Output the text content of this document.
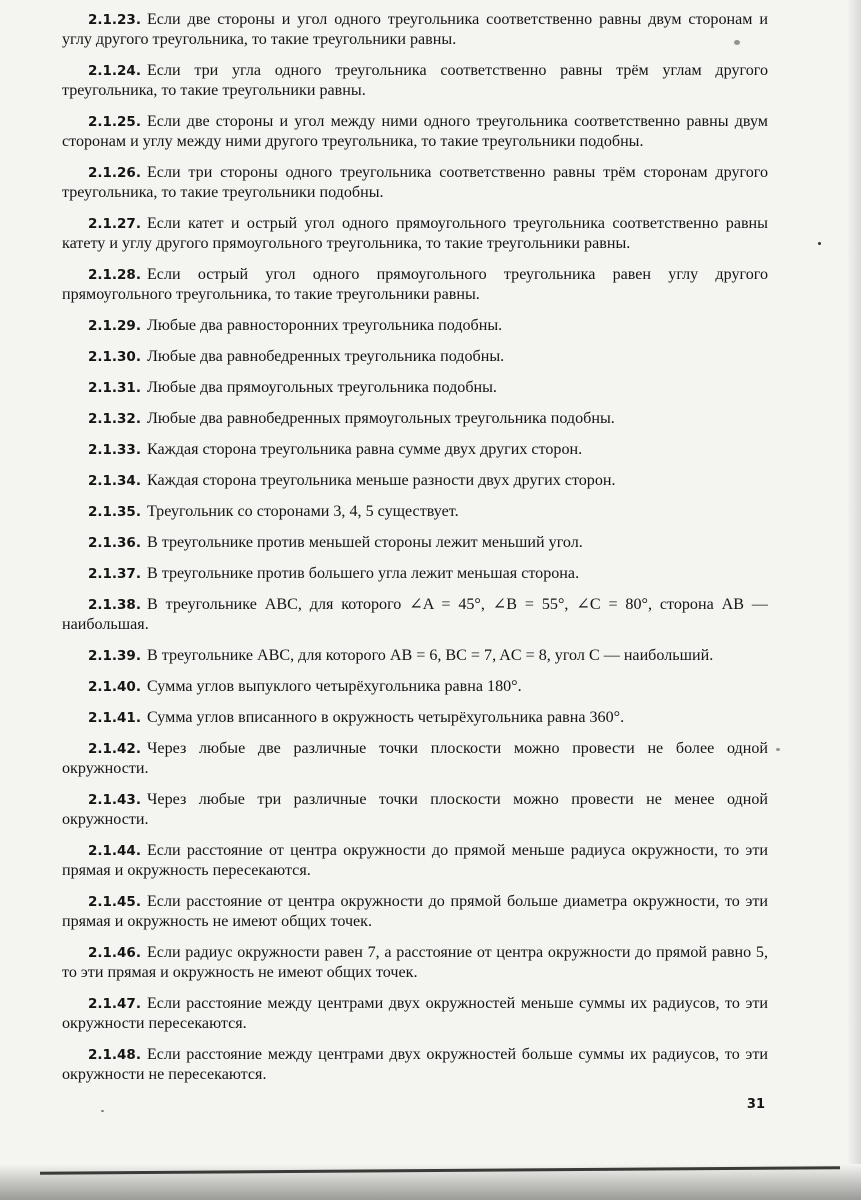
2.1.23. Если две стороны и угол одного треугольника соответственно равны двум сторонам и углу другого треугольника, то такие треугольники равны.

2.1.24. Если три угла одного треугольника соответственно равны трём углам другого треугольника, то такие треугольники равны.

2.1.25. Если две стороны и угол между ними одного треугольника соответственно равны двум сторонам и углу между ними другого треугольника, то такие треугольники подобны.

2.1.26. Если три стороны одного треугольника соответственно равны трём сторонам другого треугольника, то такие треугольники подобны.

2.1.27. Если катет и острый угол одного прямоугольного треугольника соответственно равны катету и углу другого прямоугольного треугольника, то такие треугольники равны.

2.1.28. Если острый угол одного прямоугольного треугольника равен углу другого прямоугольного треугольника, то такие треугольники равны.

2.1.29. Любые два равносторонних треугольника подобны.

2.1.30. Любые два равнобедренных треугольника подобны.

2.1.31. Любые два прямоугольных треугольника подобны.

2.1.32. Любые два равнобедренных прямоугольных треугольника подобны.

2.1.33. Каждая сторона треугольника равна сумме двух других сторон.

2.1.34. Каждая сторона треугольника меньше разности двух других сторон.

2.1.35. Треугольник со сторонами 3, 4, 5 существует.

2.1.36. В треугольнике против меньшей стороны лежит меньший угол.

2.1.37. В треугольнике против большего угла лежит меньшая сторона.

2.1.38. В треугольнике ABC, для которого ∠A = 45°, ∠B = 55°, ∠C = 80°, сторона AB — наибольшая.

2.1.39. В треугольнике ABC, для которого AB = 6, BC = 7, AC = 8, угол C — наибольший.

2.1.40. Сумма углов выпуклого четырёхугольника равна 180°.

2.1.41. Сумма углов вписанного в окружность четырёхугольника равна 360°.

2.1.42. Через любые две различные точки плоскости можно провести не более одной окружности.

2.1.43. Через любые три различные точки плоскости можно провести не менее одной окружности.

2.1.44. Если расстояние от центра окружности до прямой меньше радиуса окружности, то эти прямая и окружность пересекаются.

2.1.45. Если расстояние от центра окружности до прямой больше диаметра окружности, то эти прямая и окружность не имеют общих точек.

2.1.46. Если радиус окружности равен 7, а расстояние от центра окружности до прямой равно 5, то эти прямая и окружность не имеют общих точек.

2.1.47. Если расстояние между центрами двух окружностей меньше суммы их радиусов, то эти окружности пересекаются.

2.1.48. Если расстояние между центрами двух окружностей больше суммы их радиусов, то эти окружности не пересекаются.

31
